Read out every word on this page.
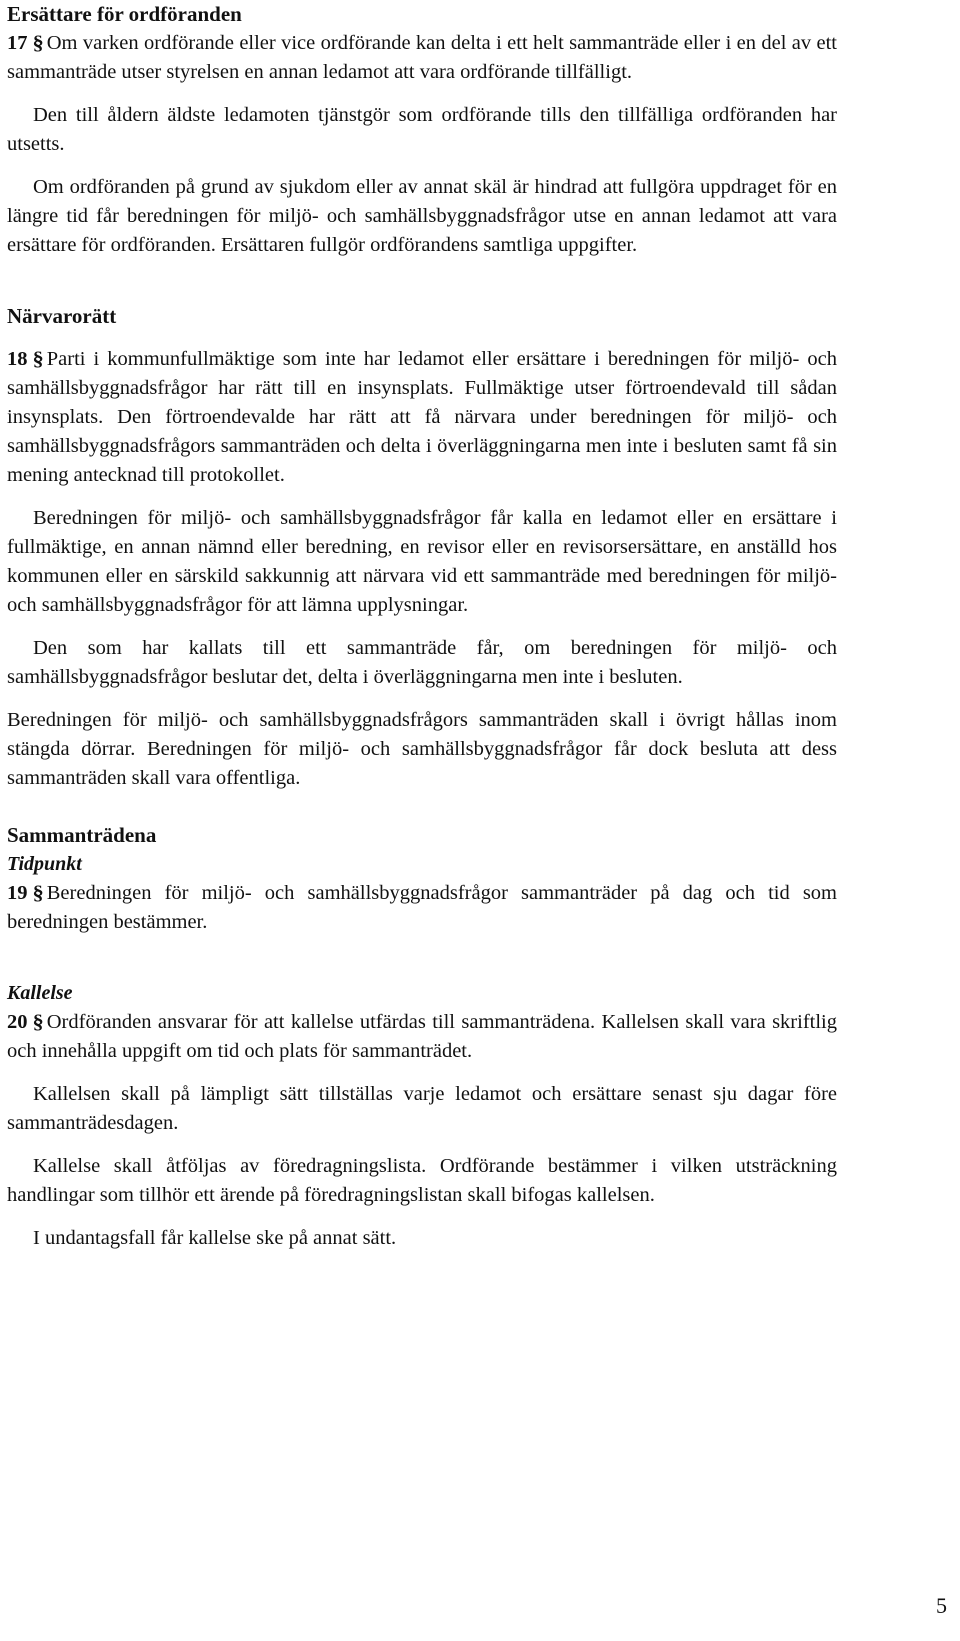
Ersättare för ordföranden

17 § Om varken ordförande eller vice ordförande kan delta i ett helt sammanträde eller i en del av ett sammanträde utser styrelsen en annan ledamot att vara ordförande tillfälligt.

Den till åldern äldste ledamoten tjänstgör som ordförande tills den tillfälliga ordföranden har utsetts.

Om ordföranden på grund av sjukdom eller av annat skäl är hindrad att fullgöra uppdraget för en längre tid får beredningen för miljö- och samhällsbyggnadsfrågor utse en annan ledamot att vara ersättare för ordföranden. Ersättaren fullgör ordförandens samtliga uppgifter.

Närvarorätt

18 § Parti i kommunfullmäktige som inte har ledamot eller ersättare i beredningen för miljö- och samhällsbyggnadsfrågor har rätt till en insynsplats. Fullmäktige utser förtroendevald till sådan insynsplats. Den förtroendevalde har rätt att få närvara under beredningen för miljö- och samhällsbyggnadsfrågors sammanträden och delta i överläggningarna men inte i besluten samt få sin mening antecknad till protokollet.

Beredningen för miljö- och samhällsbyggnadsfrågor får kalla en ledamot eller en ersättare i fullmäktige, en annan nämnd eller beredning, en revisor eller en revisorsersättare, en anställd hos kommunen eller en särskild sakkunnig att närvara vid ett sammanträde med beredningen för miljö- och samhällsbyggnadsfrågor för att lämna upplysningar.

Den som har kallats till ett sammanträde får, om beredningen för miljö- och samhällsbyggnadsfrågor beslutar det, delta i överläggningarna men inte i besluten.

Beredningen för miljö- och samhällsbyggnadsfrågors sammanträden skall i övrigt hållas inom stängda dörrar. Beredningen för miljö- och samhällsbyggnadsfrågor får dock besluta att dess sammanträden skall vara offentliga.

Sammanträdena
Tidpunkt

19 § Beredningen för miljö- och samhällsbyggnadsfrågor sammanträder på dag och tid som beredningen bestämmer.

Kallelse

20 § Ordföranden ansvarar för att kallelse utfärdas till sammanträdena. Kallelsen skall vara skriftlig och innehålla uppgift om tid och plats för sammanträdet.

Kallelsen skall på lämpligt sätt tillställas varje ledamot och ersättare senast sju dagar före sammanträdesdagen.

Kallelse skall åtföljas av föredragningslista. Ordförande bestämmer i vilken utsträckning handlingar som tillhör ett ärende på föredragningslistan skall bifogas kallelsen.

I undantagsfall får kallelse ske på annat sätt.

5
